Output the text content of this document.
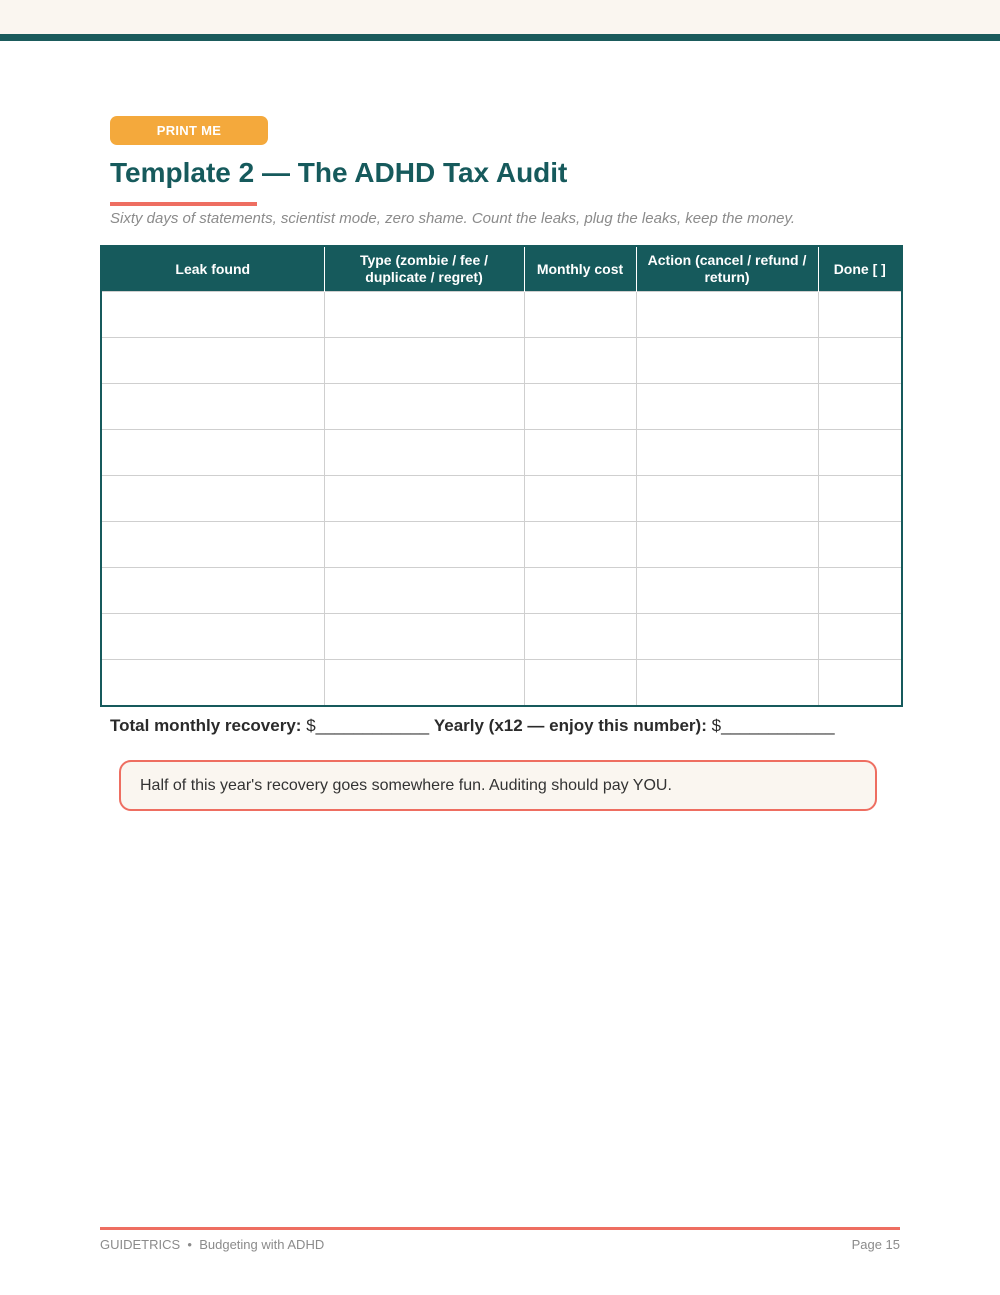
PRINT ME
Template 2 — The ADHD Tax Audit

Sixty days of statements, scientist mode, zero shame. Count the leaks, plug the leaks, keep the money.

Leak found	Type (zombie / fee / duplicate / regret)	Monthly cost	Action (cancel / refund / return)	Done [ ]

Total monthly recovery: $____________ Yearly (x12 — enjoy this number): $____________

Half of this year's recovery goes somewhere fun. Auditing should pay YOU.
GUIDETRICS • Budgeting with ADHD	Page 15
